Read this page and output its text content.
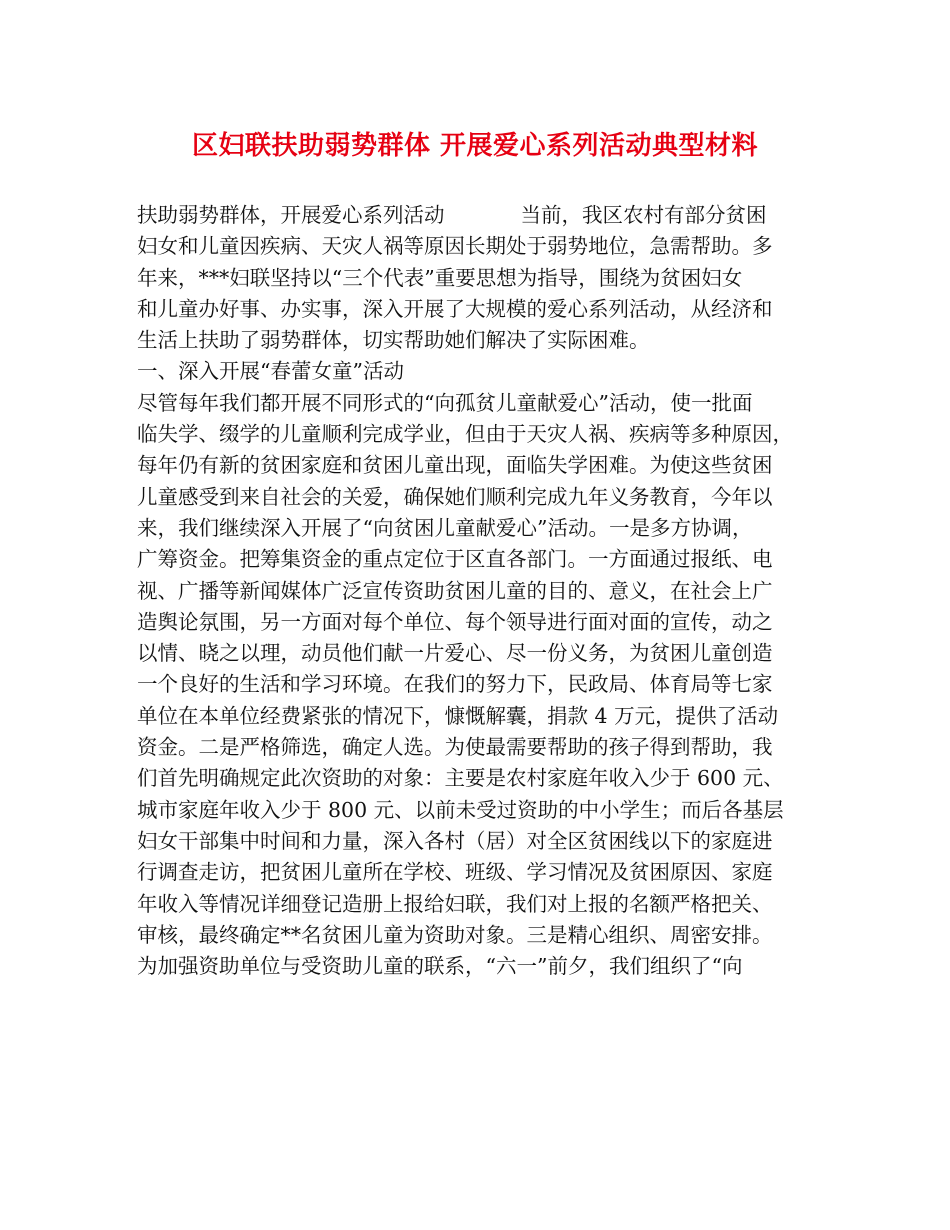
区妇联扶助弱势群体 开展爱心系列活动典型材料

扶助弱势群体，开展爱心系列活动	当前，我区农村有部分贫困

妇女和儿童因疾病、天灾人祸等原因长期处于弱势地位，急需帮助。多

年来，***妇联坚持以“三个代表”重要思想为指导，围绕为贫困妇女

和儿童办好事、办实事，深入开展了大规模的爱心系列活动，从经济和

生活上扶助了弱势群体，切实帮助她们解决了实际困难。

一、深入开展“春蕾女童”活动

尽管每年我们都开展不同形式的“向孤贫儿童献爱心”活动，使一批面

临失学、缀学的儿童顺利完成学业，但由于天灾人祸、疾病等多种原因，

每年仍有新的贫困家庭和贫困儿童出现，面临失学困难。为使这些贫困

儿童感受到来自社会的关爱，确保她们顺利完成九年义务教育，今年以

来，我们继续深入开展了“向贫困儿童献爱心”活动。一是多方协调，

广筹资金。把筹集资金的重点定位于区直各部门。一方面通过报纸、电

视、广播等新闻媒体广泛宣传资助贫困儿童的目的、意义，在社会上广

造舆论氛围，另一方面对每个单位、每个领导进行面对面的宣传，动之

以情、晓之以理，动员他们献一片爱心、尽一份义务，为贫困儿童创造

一个良好的生活和学习环境。在我们的努力下，民政局、体育局等七家

单位在本单位经费紧张的情况下，慷慨解囊，捐款 4 万元，提供了活动

资金。二是严格筛选，确定人选。为使最需要帮助的孩子得到帮助，我

们首先明确规定此次资助的对象：主要是农村家庭年收入少于 600 元、

城市家庭年收入少于 800 元、以前未受过资助的中小学生；而后各基层

妇女干部集中时间和力量，深入各村（居）对全区贫困线以下的家庭进

行调查走访，把贫困儿童所在学校、班级、学习情况及贫困原因、家庭

年收入等情况详细登记造册上报给妇联，我们对上报的名额严格把关、

审核，最终确定**名贫困儿童为资助对象。三是精心组织、周密安排。

为加强资助单位与受资助儿童的联系，“六一”前夕，我们组织了“向
